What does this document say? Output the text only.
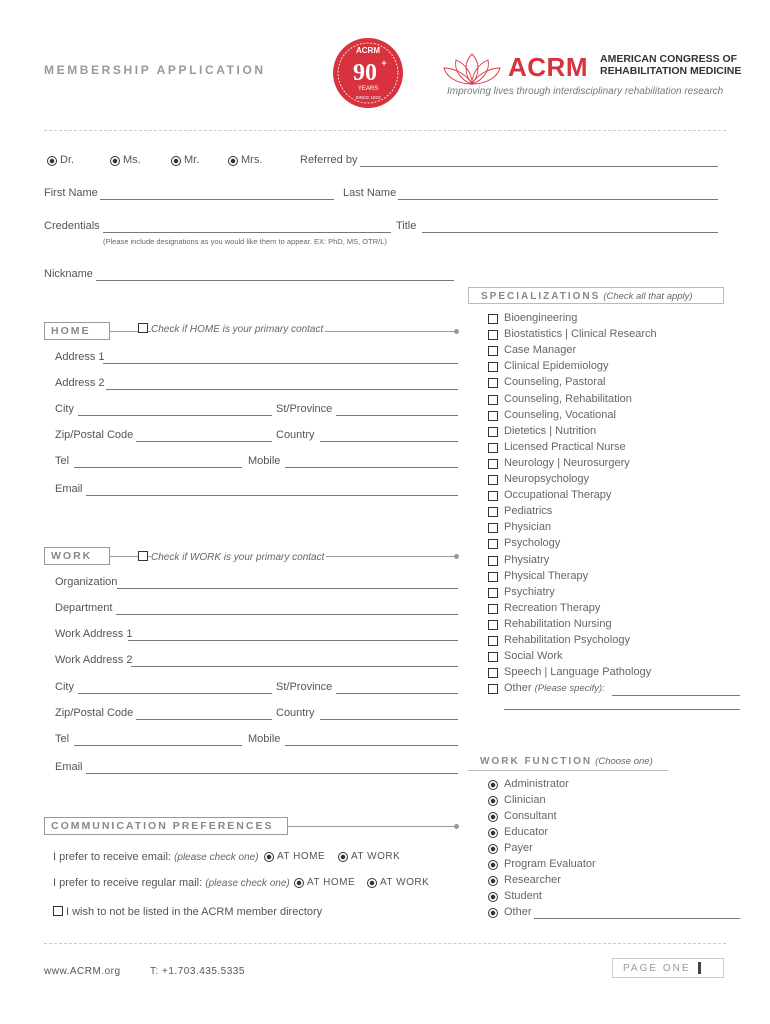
MEMBERSHIP APPLICATION
ACRM
90 +
YEARS
SINCE 1923
ACRM AMERICAN CONGRESS OF
REHABILITATION MEDICINE
Improving lives through interdisciplinary rehabilitation research
Dr.	Ms.	Mr.	Mrs.	Referred by
First Name	Last Name
Credentials	Title
(Please include designations as you would like them to appear. EX: PhD, MS, OTR/L)
Nickname
HOME	Check if HOME is your primary contact
Address 1
Address 2
City	St/Province
Zip/Postal Code	Country
Tel	Mobile
Email
WORK	Check if WORK is your primary contact
Organization
Department
Work Address 1
Work Address 2
City	St/Province
Zip/Postal Code	Country
Tel	Mobile
Email
COMMUNICATION PREFERENCES
I prefer to receive email: (please check one) AT HOME	AT WORK
I prefer to receive regular mail: (please check one) AT HOME AT WORK
I wish to not be listed in the ACRM member directory
SPECIALIZATIONS (Check all that apply)
Bioengineering
Biostatistics | Clinical Research
Case Manager
Clinical Epidemiology
Counseling, Pastoral
Counseling, Rehabilitation
Counseling, Vocational
Dietetics | Nutrition
Licensed Practical Nurse
Neurology | Neurosurgery
Neuropsychology
Occupational Therapy
Pediatrics
Physician
Psychology
Physiatry
Physical Therapy
Psychiatry
Recreation Therapy
Rehabilitation Nursing
Rehabilitation Psychology
Social Work
Speech | Language Pathology
Other (Please specify):
WORK FUNCTION (Choose one)
Administrator
Clinician
Consultant
Educator
Payer
Program Evaluator
Researcher
Student
Other
www.ACRM.org	T: +1.703.435.5335	PAGE ONE
